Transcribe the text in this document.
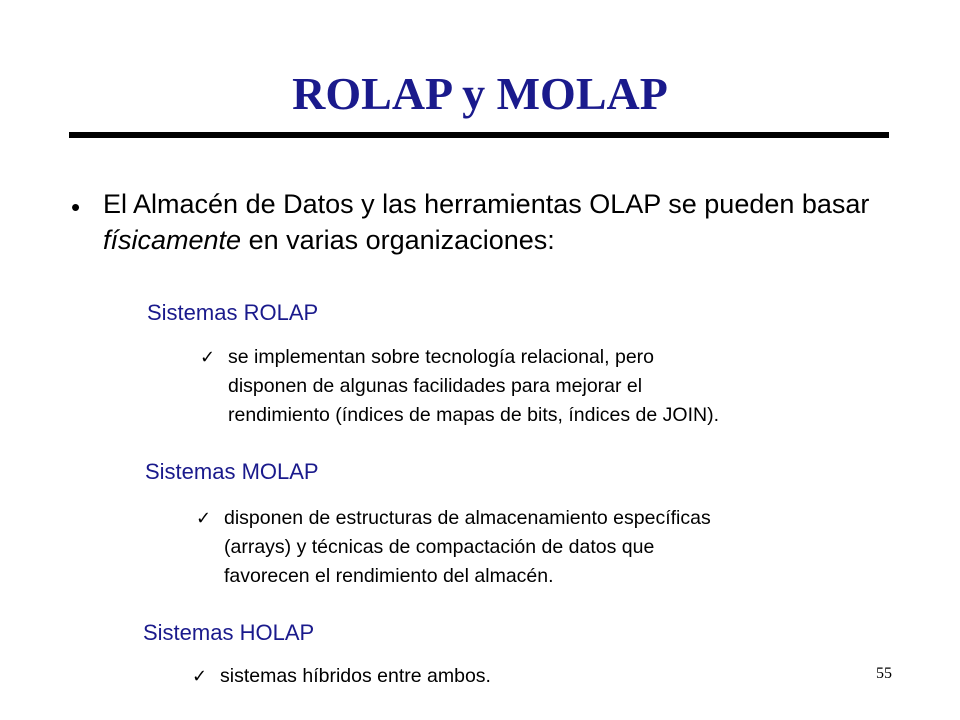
ROLAP y MOLAP
• El Almacén de Datos y las herramientas OLAP se pueden basar físicamente en varias organizaciones:
Sistemas ROLAP
✓ se implementan sobre tecnología relacional, pero
disponen de algunas facilidades para mejorar el
rendimiento (índices de mapas de bits, índices de JOIN).
Sistemas MOLAP
✓ disponen de estructuras de almacenamiento específicas
(arrays) y técnicas de compactación de datos que
favorecen el rendimiento del almacén.
Sistemas HOLAP
✓ sistemas híbridos entre ambos.	55
